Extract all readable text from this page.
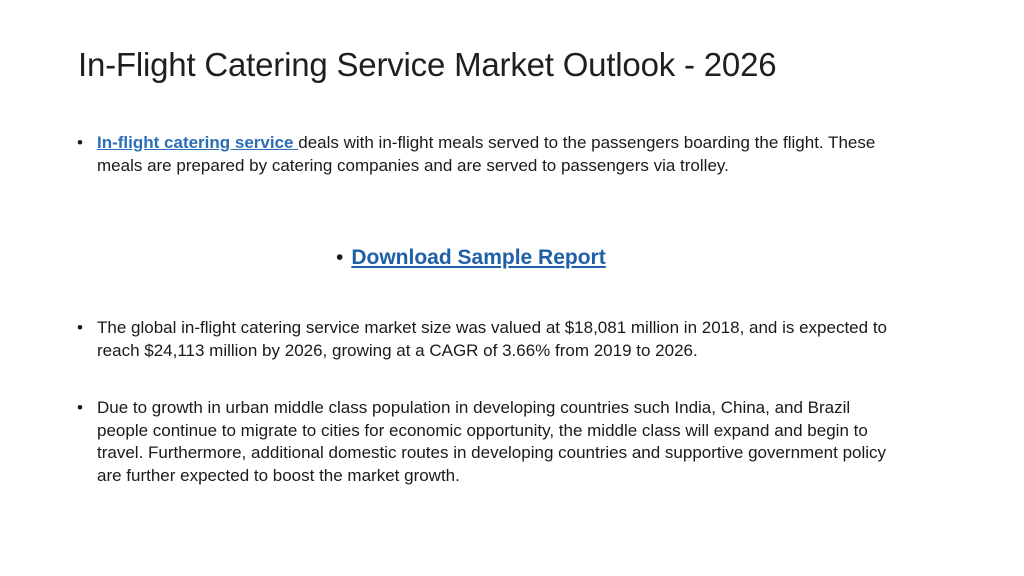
In-Flight Catering Service Market Outlook - 2026
• In-flight catering service deals with in-flight meals served to the passengers boarding the flight. These meals are prepared by catering companies and are served to passengers via trolley.
• Download Sample Report
• The global in-flight catering service market size was valued at $18,081 million in 2018, and is expected to reach $24,113 million by 2026, growing at a CAGR of 3.66% from 2019 to 2026.
• Due to growth in urban middle class population in developing countries such India, China, and Brazil people continue to migrate to cities for economic opportunity, the middle class will expand and begin to travel. Furthermore, additional domestic routes in developing countries and supportive government policy are further expected to boost the market growth.
